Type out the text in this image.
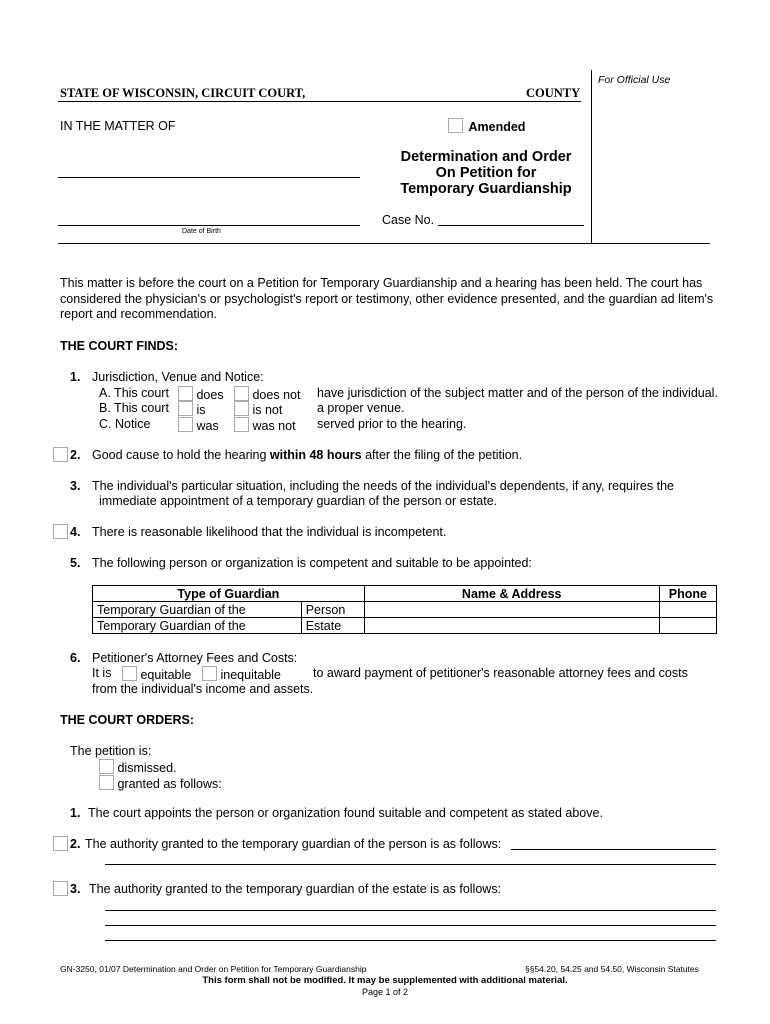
For Official Use
STATE OF WISCONSIN, CIRCUIT COURT,	COUNTY
IN THE MATTER OF	Amended
Determination and Order
On Petition for
Temporary Guardianship
Case No.
Date of Birth
This matter is before the court on a Petition for Temporary Guardianship and a hearing has been held. The court has considered the physician's or psychologist's report or testimony, other evidence presented, and the guardian ad litem's report and recommendation.
THE COURT FINDS:
1. Jurisdiction, Venue and Notice:
A. This court	does	does not have jurisdiction of the subject matter and of the person of the individual.
B. This court	is	is not	a proper venue.
C. Notice	was	was not served prior to the hearing.
2. Good cause to hold the hearing within 48 hours after the filing of the petition.
3. The individual's particular situation, including the needs of the individual's dependents, if any, requires the
immediate appointment of a temporary guardian of the person or estate.
4. There is reasonable likelihood that the individual is incompetent.
5. The following person or organization is competent and suitable to be appointed:
Type of Guardian		Name & Address	Phone
Temporary Guardian of the	Person		
Temporary Guardian of the	Estate		
6. Petitioner's Attorney Fees and Costs:
It is	equitable	inequitable	to award payment of petitioner's reasonable attorney fees and costs
from the individual's income and assets.
THE COURT ORDERS:
The petition is:
dismissed.
granted as follows:
1. The court appoints the person or organization found suitable and competent as stated above.
2. The authority granted to the temporary guardian of the person is as follows:
3. The authority granted to the temporary guardian of the estate is as follows:
GN-3250, 01/07 Determination and Order on Petition for Temporary Guardianship	§§54.20, 54.25 and 54.50, Wisconsin Statutes
This form shall not be modified. It may be supplemented with additional material.
Page 1 of 2
